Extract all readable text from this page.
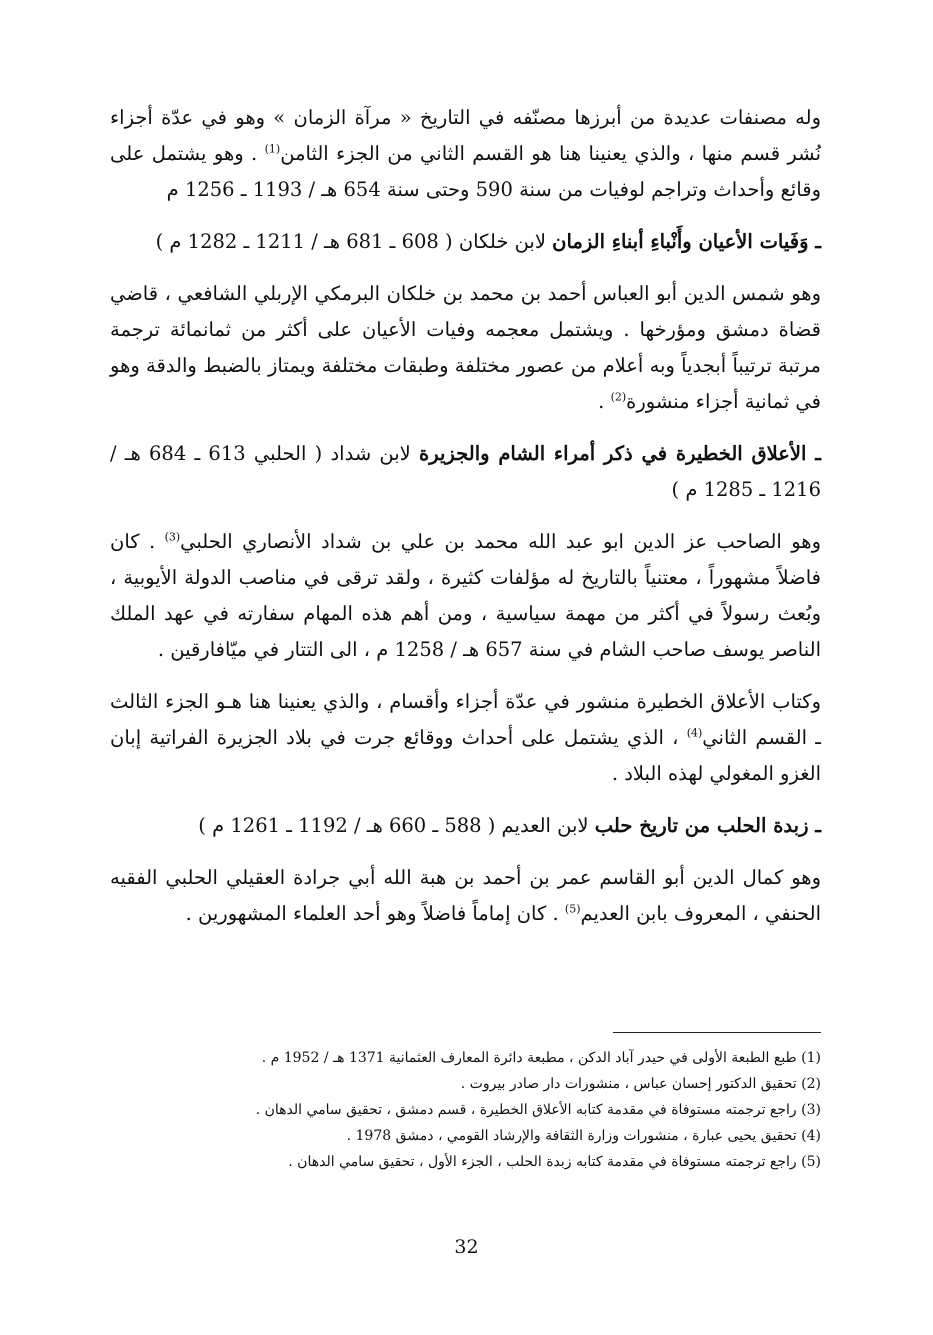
وله مصنفات عديدة من أبرزها مصنّفه في التاريخ « مرآة الزمان » وهو في عدّة أجزاء نُشر قسم منها ، والذي يعنينا هنا هو القسم الثاني من الجزء الثامن$^{(1)}$ . وهو يشتمل على وقائع وأحداث وتراجم لوفيات من سنة 590 وحتى سنة 654 هـ / 1193 ـ 1256 م

ـ وَفَيات الأعيان وأَنْباءِ أبناءِ الزمان لابن خلكان ( 608 ـ 681 هـ / 1211 ـ 1282 م )

وهو شمس الدين أبو العباس أحمد بن محمد بن خلكان البرمكي الإربلي الشافعي ، قاضي قضاة دمشق ومؤرخها . ويشتمل معجمه وفيات الأعيان على أكثر من ثمانمائة ترجمة مرتبة ترتيباً أبجدياً وبه أعلام من عصور مختلفة وطبقات مختلفة ويمتاز بالضبط والدقة وهو في ثمانية أجزاء منشورة$^{(2)}$ .

ـ الأعلاق الخطيرة في ذكر أمراء الشام والجزيرة لابن شداد ( الحلبي 613 ـ 684 هـ / 1216 ـ 1285 م )

وهو الصاحب عز الدين ابو عبد الله محمد بن علي بن شداد الأنصاري الحلبي$^{(3)}$ . كان فاضلاً مشهوراً ، معتنياً بالتاريخ له مؤلفات كثيرة ، ولقد ترقى في مناصب الدولة الأيوبية ، وبُعث رسولاً في أكثر من مهمة سياسية ، ومن أهم هذه المهام سفارته في عهد الملك الناصر يوسف صاحب الشام في سنة 657 هـ / 1258 م ، الى التتار في ميّافارقين .

وكتاب الأعلاق الخطيرة منشور في عدّة أجزاء وأقسام ، والذي يعنينا هنا هـو الجزء الثالث ـ القسم الثاني$^{(4)}$ ، الذي يشتمل على أحداث ووقائع جرت في بلاد الجزيرة الفراتية إبان الغزو المغولي لهذه البلاد .

ـ زبدة الحلب من تاريخ حلب لابن العديم ( 588 ـ 660 هـ / 1192 ـ 1261 م )

وهو كمال الدين أبو القاسم عمر بن أحمد بن هبة الله أبي جرادة العقيلي الحلبي الفقيه الحنفي ، المعروف بابن العديم$^{(5)}$ . كان إماماً فاضلاً وهو أحد العلماء المشهورين .

(1) طبع الطبعة الأولى في حيدر آباد الدكن ، مطبعة دائرة المعارف العثمانية 1371 هـ / 1952 م .

(2) تحقيق الدكتور إحسان عباس ، منشورات دار صادر بيروت .

(3) راجع ترجمته مستوفاة في مقدمة كتابه الأعلاق الخطيرة ، قسم دمشق ، تحقيق سامي الدهان .

(4) تحقيق يحيى عبارة ، منشورات وزارة الثقافة والإرشاد القومي ، دمشق 1978 .

(5) راجع ترجمته مستوفاة في مقدمة كتابه زبدة الحلب ، الجزء الأول ، تحقيق سامي الدهان .

32
